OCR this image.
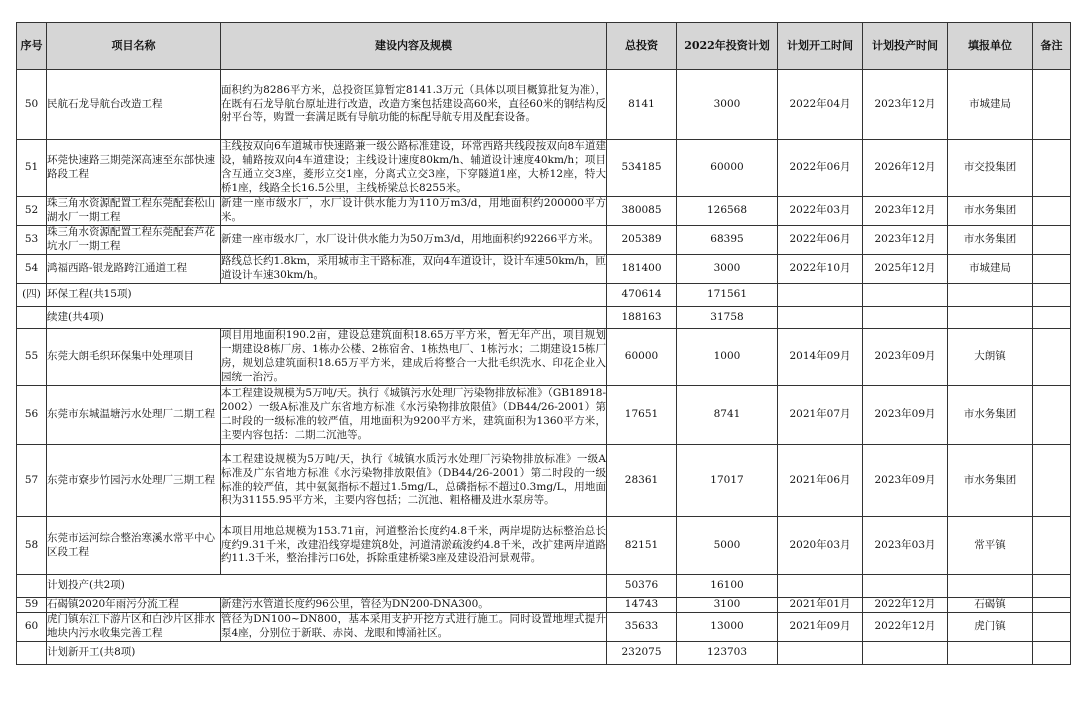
序号	项目名称	建设内容及规模	总投资	2022年投资计划	计划开工时间	计划投产时间	填报单位	备注
50	民航石龙导航台改造工程	面积约为8286平方米，总投资匡算暂定8141.3万元（具体以项目概算批复为准），在既有石龙导航台原址进行改造，改造方案包括建设高60米，直径60米的钢结构反射平台等，购置一套满足既有导航功能的标配导航专用及配套设备。	8141	3000	2022年04月	2023年12月	市城建局	
51	环莞快速路三期莞深高速至东部快速路段工程	主线按双向6车道城市快速路兼一级公路标准建设，环常西路共线段按双向8车道建设，辅路按双向4车道建设；主线设计速度80km/h、辅道设计速度40km/h；项目含互通立交3座，菱形立交1座，分离式立交3座，下穿隧道1座，大桥12座，特大桥1座，线路全长16.5公里，主线桥梁总长8255米。	534185	60000	2022年06月	2026年12月	市交投集团	
52	珠三角水资源配置工程东莞配套松山湖水厂一期工程	新建一座市级水厂，水厂设计供水能力为110万m3/d，用地面积约200000平方米。	380085	126568	2022年03月	2023年12月	市水务集团	
53	珠三角水资源配置工程东莞配套芦花坑水厂一期工程	新建一座市级水厂，水厂设计供水能力为50万m3/d，用地面积约92266平方米。	205389	68395	2022年06月	2023年12月	市水务集团	
54	鸿福西路-银龙路跨江通道工程	路线总长约1.8km，采用城市主干路标准，双向4车道设计，设计车速50km/h，匝道设计车速30km/h。	181400	3000	2022年10月	2025年12月	市城建局	
(四)	环保工程(共15项)		470614	171561				
	续建(共4项)		188163	31758				
55	东莞大朗毛织环保集中处理项目	项目用地面积190.2亩，建设总建筑面积18.65万平方米，暂无年产出，项目规划一期建设8栋厂房、1栋办公楼、2栋宿舍、1栋热电厂、1栋污水；二期建设15栋厂房，规划总建筑面积18.65万平方米，建成后将整合一大批毛织洗水、印花企业入园统一治污。	60000	1000	2014年09月	2023年09月	大朗镇	
56	东莞市东城温塘污水处理厂二期工程	本工程建设规模为5万吨/天。执行《城镇污水处理厂污染物排放标准》（GB18918-2002）一级A标准及广东省地方标准《水污染物排放限值》（DB44/26-2001）第二时段的一级标准的较严值，用地面积为9200平方米，建筑面积为1360平方米，主要内容包括：二期二沉池等。	17651	8741	2021年07月	2023年09月	市水务集团	
57	东莞市寮步竹园污水处理厂三期工程	本工程建设规模为5万吨/天，执行《城镇水质污水处理厂污染物排放标准》一级A标准及广东省地方标准《水污染物排放限值》（DB44/26-2001）第二时段的一级标准的较严值，其中氨氮指标不超过1.5mg/L，总磷指标不超过0.3mg/L，用地面积为31155.95平方米，主要内容包括；二沉池、粗格栅及进水泵房等。	28361	17017	2021年06月	2023年09月	市水务集团	
58	东莞市运河综合整治寒溪水常平中心区段工程	本项目用地总规模为153.71亩，河道整治长度约4.8千米，两岸堤防达标整治总长度约9.31千米，改建沿线穿堤建筑8处，河道清淤疏浚约4.8千米，改扩建两岸道路约11.3千米，整治排污口6处，拆除重建桥梁3座及建设沿河景观带。	82151	5000	2020年03月	2023年03月	常平镇	
	计划投产(共2项)		50376	16100				
59	石碣镇2020年雨污分流工程	新建污水管道长度约96公里，管径为DN200-DNA300。	14743	3100	2021年01月	2022年12月	石碣镇	
60	虎门镇东江下游片区和白沙片区排水地块内污水收集完善工程	管径为DN100~DN800，基本采用支护开挖方式进行施工。同时设置地埋式提升泵4座，分别位于新联、赤岗、龙眼和博涌社区。	35633	13000	2021年09月	2022年12月	虎门镇	
	计划新开工(共8项)		232075	123703				
